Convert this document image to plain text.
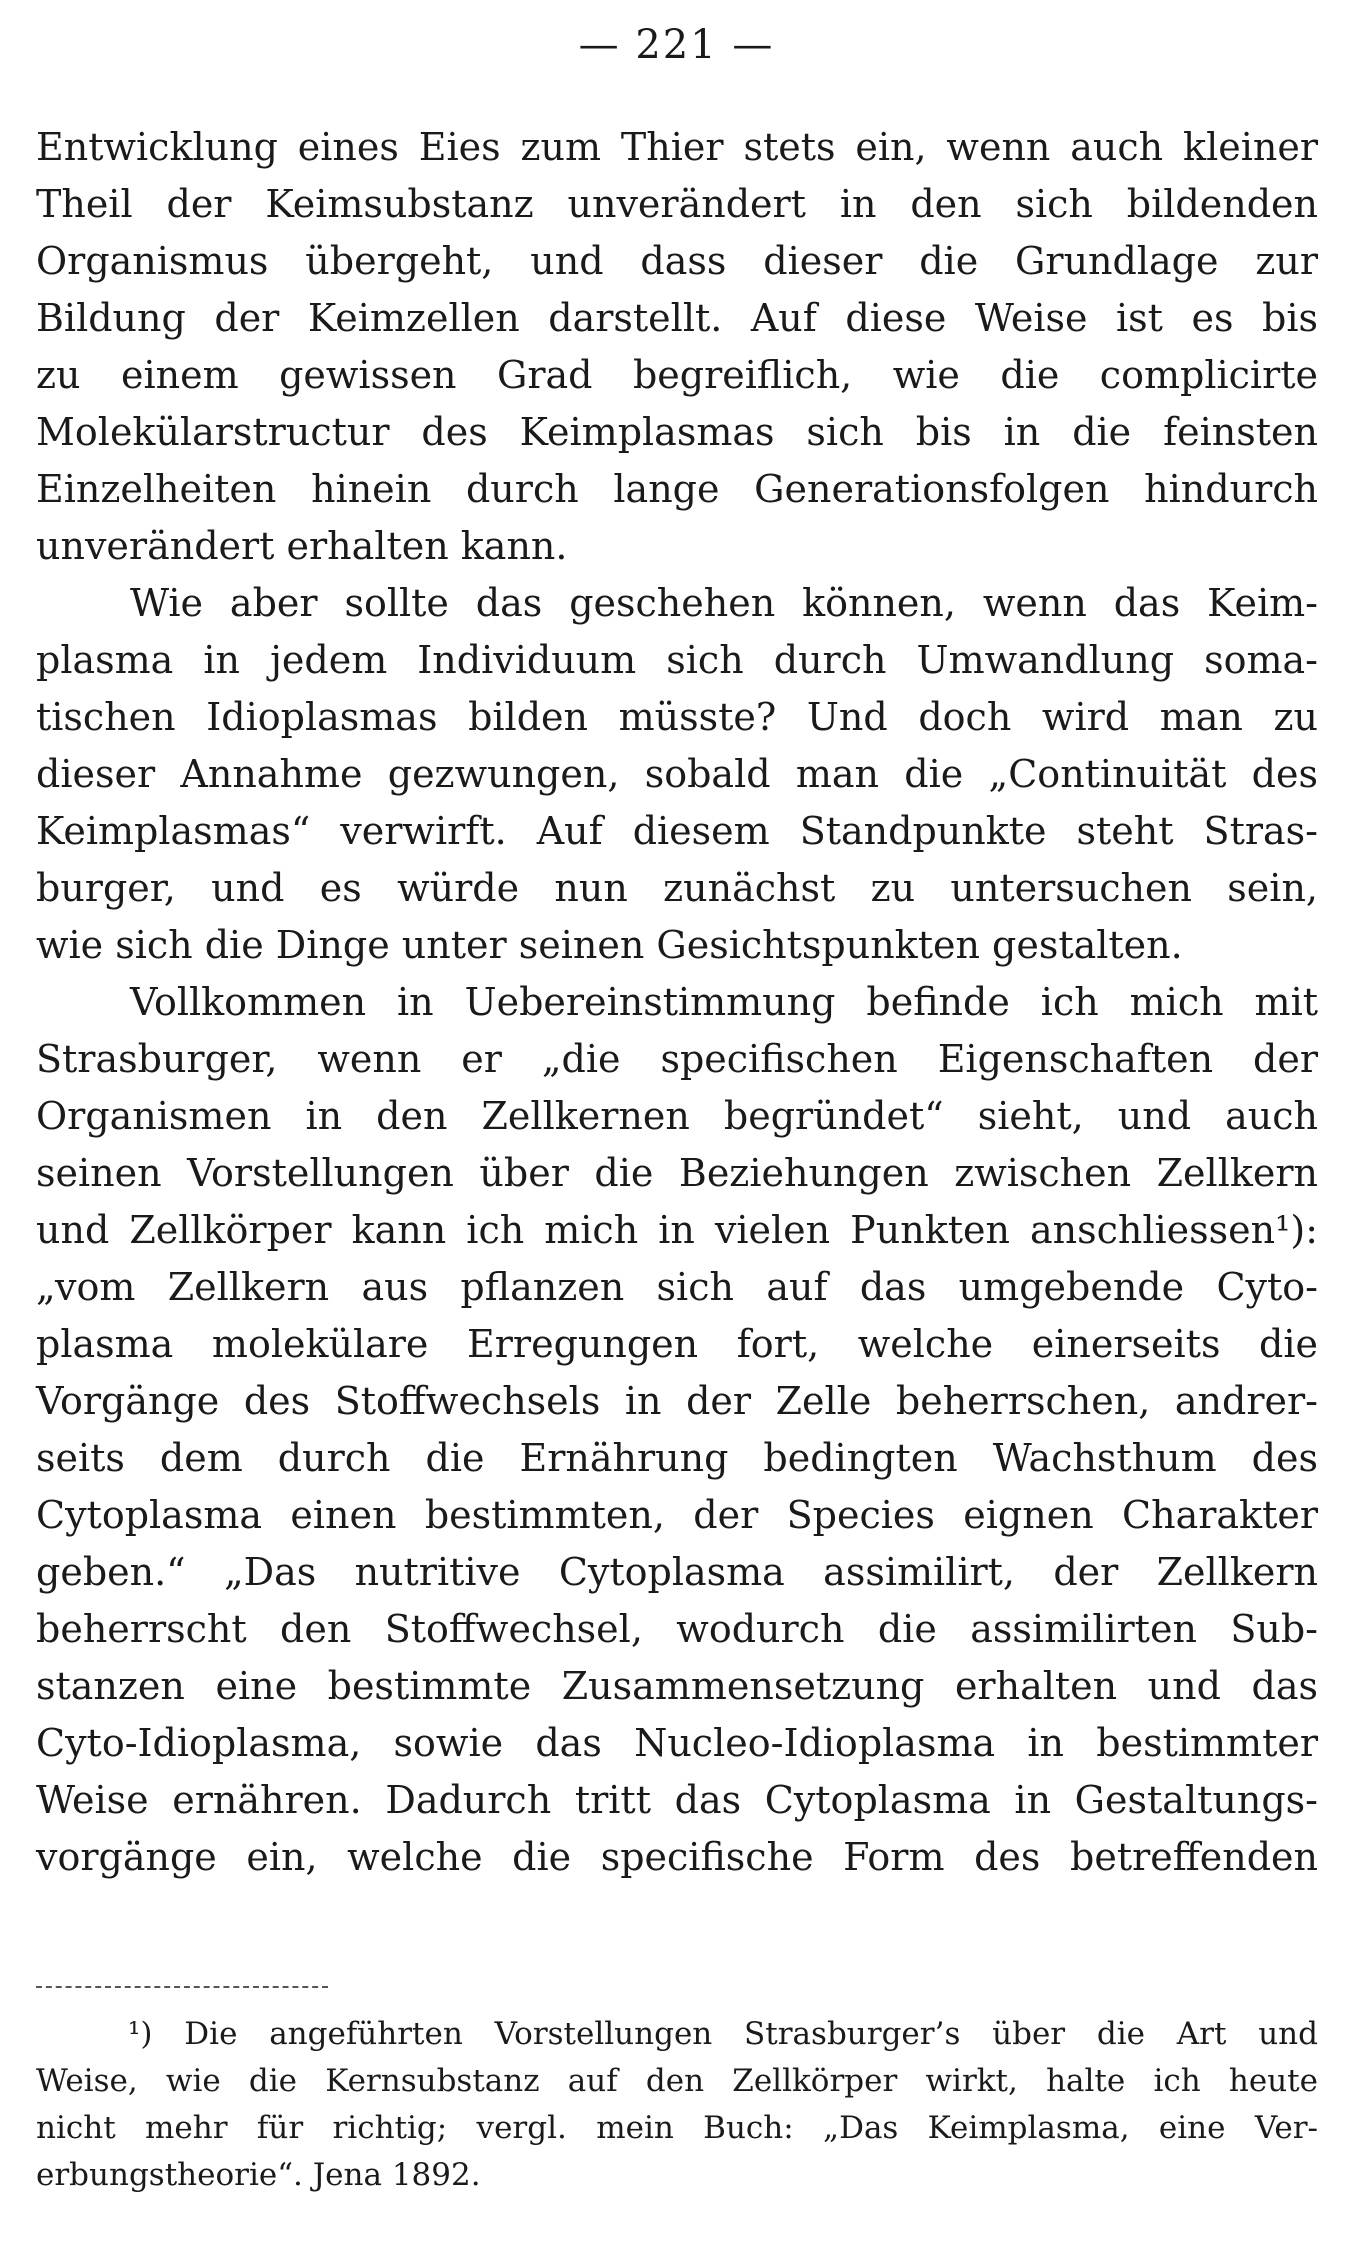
— 221 —
Entwicklung eines Eies zum Thier stets ein, wenn auch kleiner
Theil der Keimsubstanz unverändert in den sich bildenden
Organismus übergeht, und dass dieser die Grundlage zur
Bildung der Keimzellen darstellt. Auf diese Weise ist es bis
zu einem gewissen Grad begreiflich, wie die complicirte
Molekülarstructur des Keimplasmas sich bis in die feinsten
Einzelheiten hinein durch lange Generationsfolgen hindurch
unverändert erhalten kann.
Wie aber sollte das geschehen können, wenn das Keim-
plasma in jedem Individuum sich durch Umwandlung soma-
tischen Idioplasmas bilden müsste? Und doch wird man zu
dieser Annahme gezwungen, sobald man die „Continuität des
Keimplasmas“ verwirft. Auf diesem Standpunkte steht Stras-
burger, und es würde nun zunächst zu untersuchen sein,
wie sich die Dinge unter seinen Gesichtspunkten gestalten.
Vollkommen in Uebereinstimmung befinde ich mich mit
Strasburger, wenn er „die specifischen Eigenschaften der
Organismen in den Zellkernen begründet“ sieht, und auch
seinen Vorstellungen über die Beziehungen zwischen Zellkern
und Zellkörper kann ich mich in vielen Punkten anschliessen¹):
„vom Zellkern aus pflanzen sich auf das umgebende Cyto-
plasma molekülare Erregungen fort, welche einerseits die
Vorgänge des Stoffwechsels in der Zelle beherrschen, andrer-
seits dem durch die Ernährung bedingten Wachsthum des
Cytoplasma einen bestimmten, der Species eignen Charakter
geben.“ „Das nutritive Cytoplasma assimilirt, der Zellkern
beherrscht den Stoffwechsel, wodurch die assimilirten Sub-
stanzen eine bestimmte Zusammensetzung erhalten und das
Cyto-Idioplasma, sowie das Nucleo-Idioplasma in bestimmter
Weise ernähren. Dadurch tritt das Cytoplasma in Gestaltungs-
vorgänge ein, welche die specifische Form des betreffenden
¹) Die angeführten Vorstellungen Strasburger’s über die Art und
Weise, wie die Kernsubstanz auf den Zellkörper wirkt, halte ich heute
nicht mehr für richtig; vergl. mein Buch: „Das Keimplasma, eine Ver-
erbungstheorie“. Jena 1892.
